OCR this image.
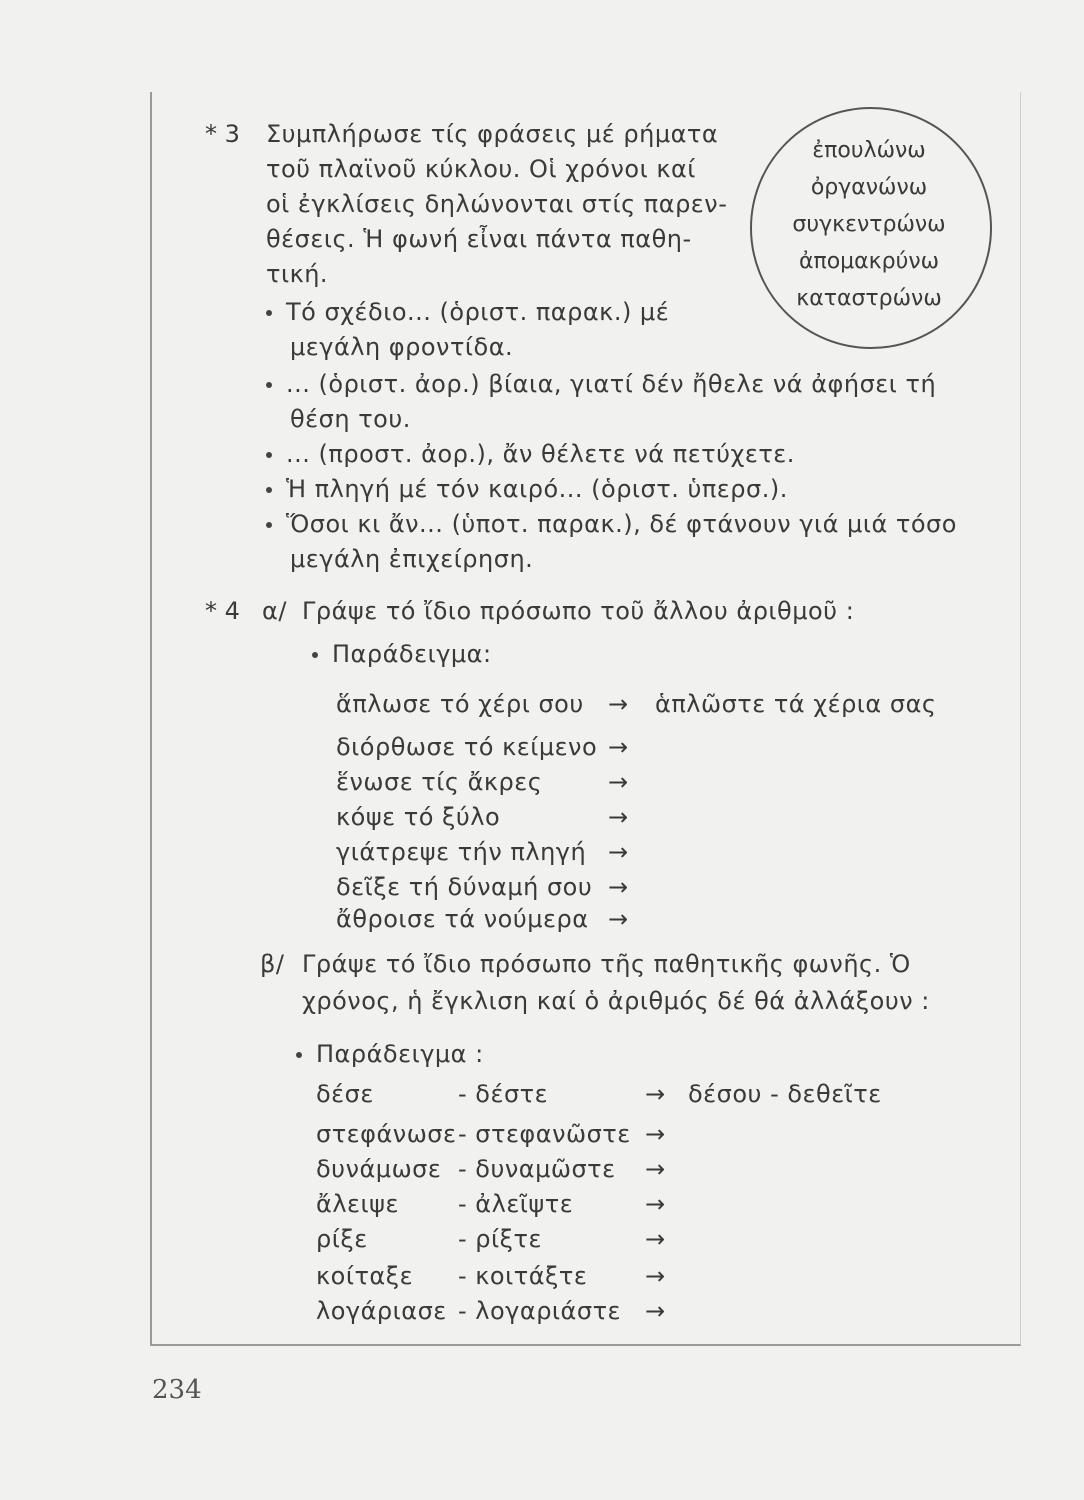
* 3 Συμπλήρωσε τίς φράσεις μέ ρήματα
τοῦ πλαϊνοῦ κύκλου. Οἱ χρόνοι καί
οἱ ἐγκλίσεις δηλώνονται στίς παρεν-
θέσεις. Ἡ φωνή εἶναι πάντα παθη-
τική.
ἐπουλώνω
ὀργανώνω
συγκεντρώνω
ἀπομακρύνω
καταστρώνω
Τό σχέδιο... (ὁριστ. παρακ.) μέ
μεγάλη φροντίδα.
... (ὁριστ. ἀορ.) βίαια, γιατί δέν ἤθελε νά ἀφήσει τή
θέση του.
... (προστ. ἀορ.), ἄν θέλετε νά πετύχετε.
Ἡ πληγή μέ τόν καιρό... (ὁριστ. ὑπερσ.).
Ὅσοι κι ἄν... (ὑποτ. παρακ.), δέ φτάνουν γιά μιά τόσο
μεγάλη ἐπιχείρηση.
* 4 α/ Γράψε τό ἴδιο πρόσωπο τοῦ ἄλλου ἀριθμοῦ :
Παράδειγμα:
ἅπλωσε τό χέρι σου → ἁπλῶστε τά χέρια σας
διόρθωσε τό κείμενο →
ἕνωσε τίς ἄκρες	→
κόψε τό ξύλο	→
γιάτρεψε τήν πληγή →
δεῖξε τή δύναμή σου →
ἄθροισε τά νούμερα →
β/ Γράψε τό ἴδιο πρόσωπο τῆς παθητικῆς φωνῆς. Ὁ
χρόνος, ἡ ἔγκλιση καί ὁ ἀριθμός δέ θά ἀλλάξουν :
Παράδειγμα :
δέσε	- δέστε	→ δέσου - δεθεῖτε
στεφάνωσε - στεφανῶστε →
δυνάμωσε - δυναμῶστε →
ἄλειψε - ἀλεῖψτε	→
ρίξε	- ρίξτε	→
κοίταξε - κοιτάξτε →
λογάριασε - λογαριάστε →
234
